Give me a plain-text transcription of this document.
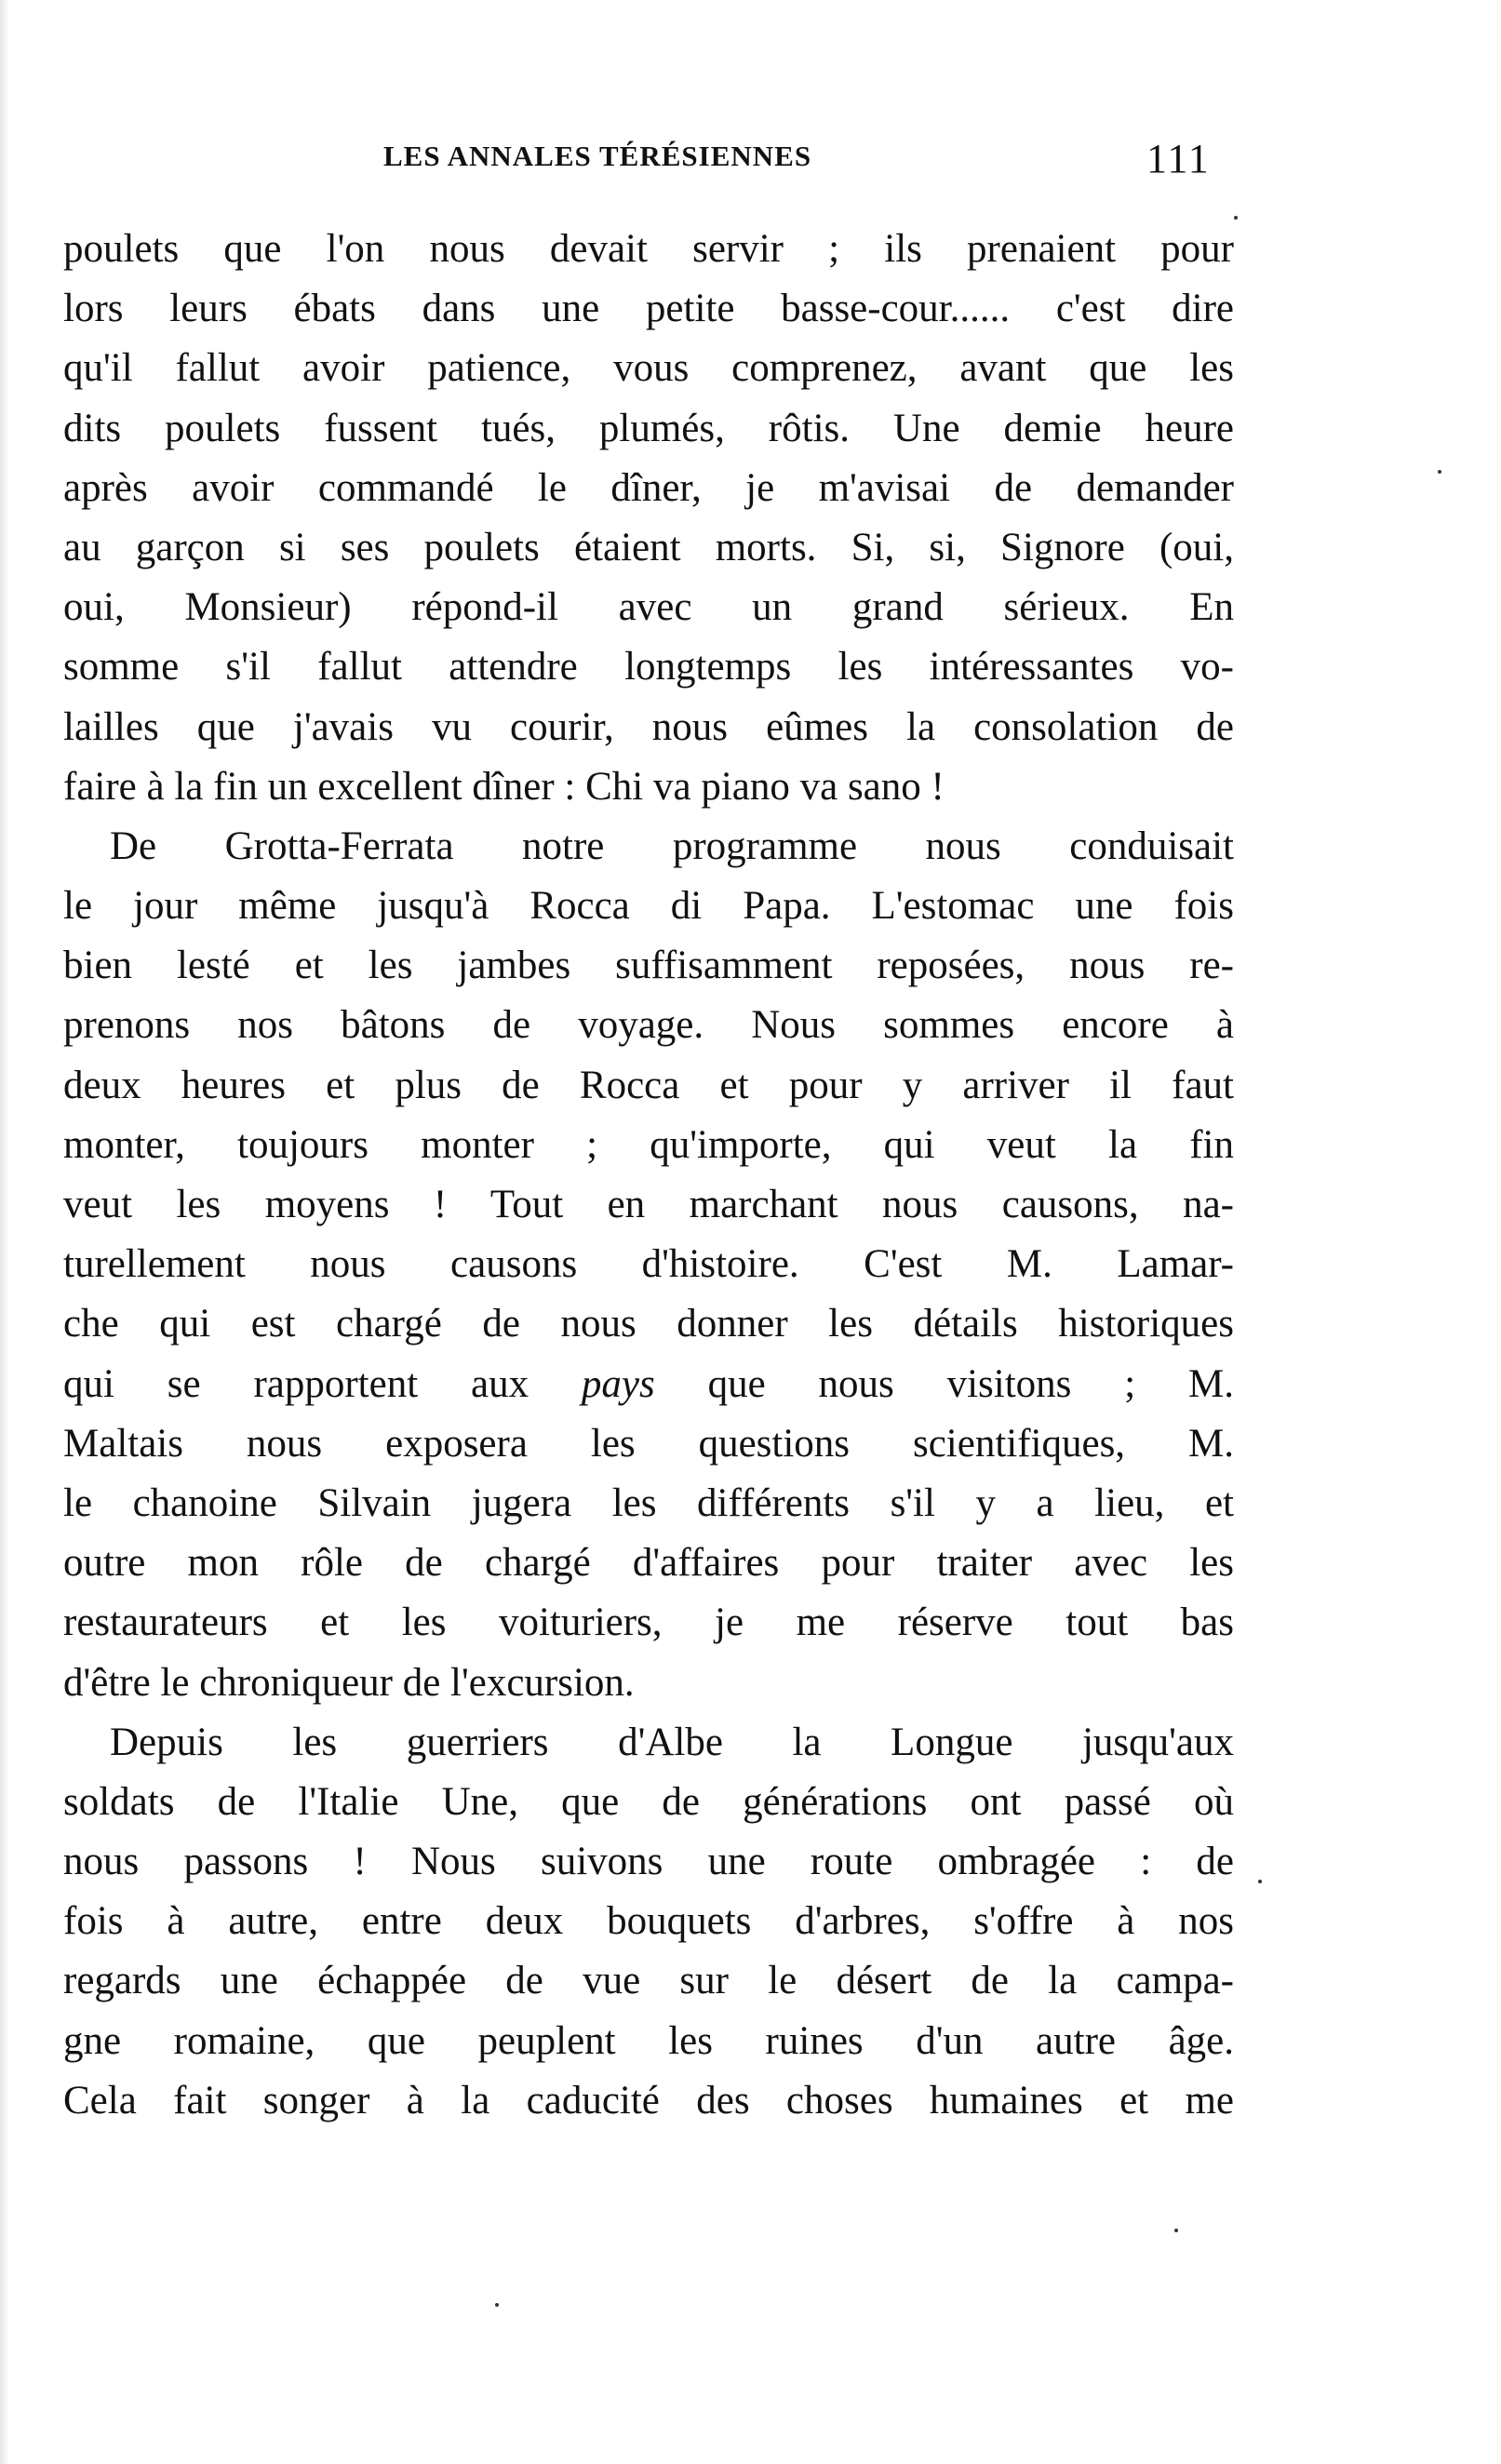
LES ANNALES TÉRÉSIENNES	111
poulets que l'on nous devait servir ; ils prenaient pour
lors leurs ébats dans une petite basse-cour...... c'est dire
qu'il fallut avoir patience, vous comprenez, avant que les
dits poulets fussent tués, plumés, rôtis. Une demie heure
après avoir commandé le dîner, je m'avisai de demander
au garçon si ses poulets étaient morts. Si, si, Signore (oui,
oui, Monsieur) répond-il avec un grand sérieux. En
somme s'il fallut attendre longtemps les intéressantes vo-
lailles que j'avais vu courir, nous eûmes la consolation de
faire à la fin un excellent dîner : Chi va piano va sano !
De Grotta-Ferrata notre programme nous conduisait
le jour même jusqu'à Rocca di Papa. L'estomac une fois
bien lesté et les jambes suffisamment reposées, nous re-
prenons nos bâtons de voyage. Nous sommes encore à
deux heures et plus de Rocca et pour y arriver il faut
monter, toujours monter ; qu'importe, qui veut la fin
veut les moyens ! Tout en marchant nous causons, na-
turellement nous causons d'histoire. C'est M. Lamar-
che qui est chargé de nous donner les détails historiques
qui se rapportent aux pays que nous visitons ; M.
Maltais nous exposera les questions scientifiques, M.
le chanoine Silvain jugera les différents s'il y a lieu, et
outre mon rôle de chargé d'affaires pour traiter avec les
restaurateurs et les voituriers, je me réserve tout bas
d'être le chroniqueur de l'excursion.
Depuis les guerriers d'Albe la Longue jusqu'aux
soldats de l'Italie Une, que de générations ont passé où
nous passons ! Nous suivons une route ombragée : de
fois à autre, entre deux bouquets d'arbres, s'offre à nos
regards une échappée de vue sur le désert de la campa-
gne romaine, que peuplent les ruines d'un autre âge.
Cela fait songer à la caducité des choses humaines et me
